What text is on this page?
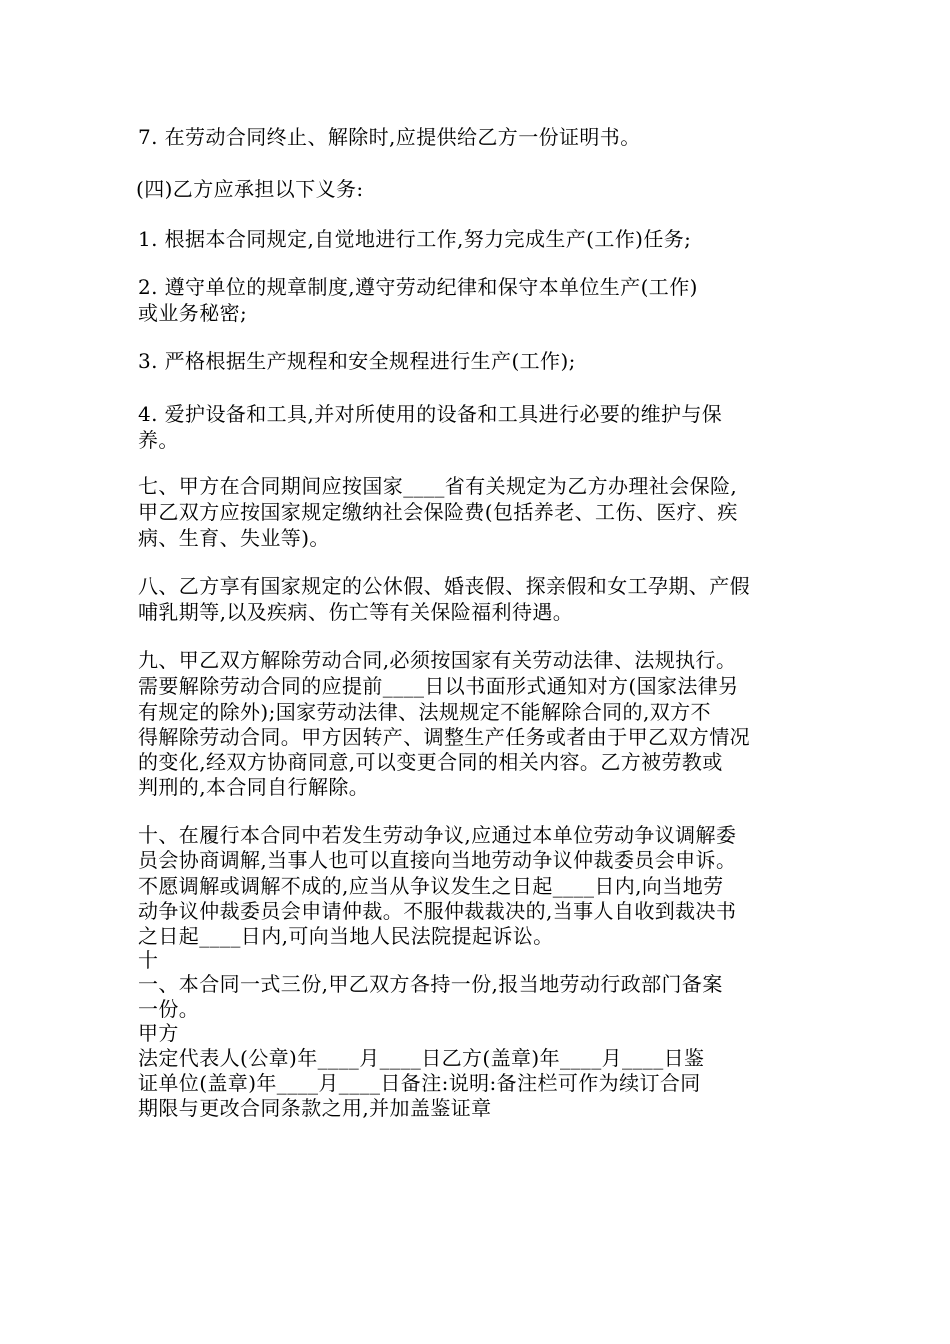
7. 在劳动合同终止、解除时,应提供给乙方一份证明书。
(四)乙方应承担以下义务:
1. 根据本合同规定,自觉地进行工作,努力完成生产(工作)任务;
2. 遵守单位的规章制度,遵守劳动纪律和保守本单位生产(工作)
或业务秘密;
3. 严格根据生产规程和安全规程进行生产(工作);
4. 爱护设备和工具,并对所使用的设备和工具进行必要的维护与保
养。
七、甲方在合同期间应按国家____省有关规定为乙方办理社会保险,
甲乙双方应按国家规定缴纳社会保险费(包括养老、工伤、医疗、疾
病、生育、失业等)。
八、乙方享有国家规定的公休假、婚丧假、探亲假和女工孕期、产假
哺乳期等,以及疾病、伤亡等有关保险福利待遇。
九、甲乙双方解除劳动合同,必须按国家有关劳动法律、法规执行。
需要解除劳动合同的应提前____日以书面形式通知对方(国家法律另
有规定的除外);国家劳动法律、法规规定不能解除合同的,双方不
得解除劳动合同。甲方因转产、调整生产任务或者由于甲乙双方情况
的变化,经双方协商同意,可以变更合同的相关内容。乙方被劳教或
判刑的,本合同自行解除。
十、在履行本合同中若发生劳动争议,应通过本单位劳动争议调解委
员会协商调解,当事人也可以直接向当地劳动争议仲裁委员会申诉。
不愿调解或调解不成的,应当从争议发生之日起____日内,向当地劳
动争议仲裁委员会申请仲裁。不服仲裁裁决的,当事人自收到裁决书
之日起____日内,可向当地人民法院提起诉讼。
十
一、本合同一式三份,甲乙双方各持一份,报当地劳动行政部门备案
一份。
甲方
法定代表人(公章)年____月____日乙方(盖章)年____月____日鉴
证单位(盖章)年____月____日备注:说明:备注栏可作为续订合同
期限与更改合同条款之用,并加盖鉴证章
